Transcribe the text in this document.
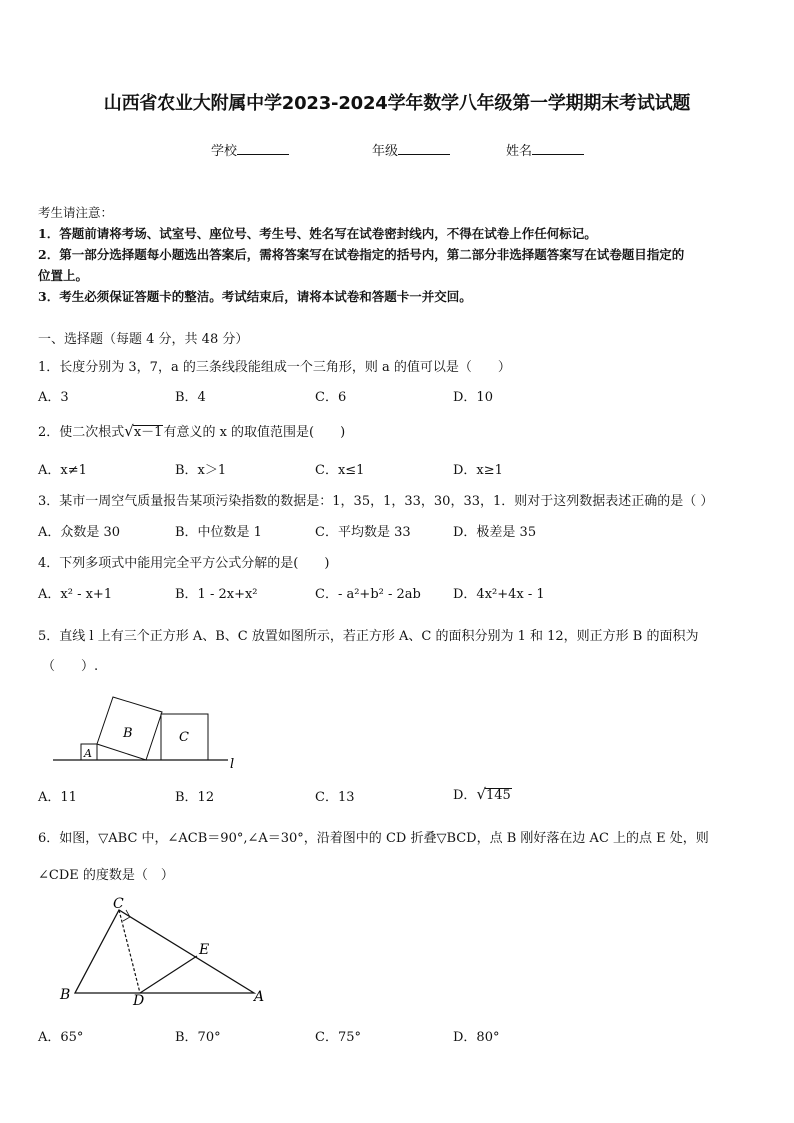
山西省农业大附属中学2023-2024学年数学八年级第一学期期末考试试题
学校	年级	姓名
考生请注意：
1．答题前请将考场、试室号、座位号、考生号、姓名写在试卷密封线内，不得在试卷上作任何标记。
2．第一部分选择题每小题选出答案后，需将答案写在试卷指定的括号内，第二部分非选择题答案写在试卷题目指定的
位置上。
3．考生必须保证答题卡的整洁。考试结束后，请将本试卷和答题卡一并交回。
一、选择题（每题 4 分，共 48 分）
1．长度分别为 3，7，a 的三条线段能组成一个三角形，则 a 的值可以是（　　）
A．3	B．4	C．6	D．10
2．使二次根式√x－1有意义的 x 的取值范围是(　　)
A．x≠1	B．x＞1	C．x≤1	D．x≥1
3．某市一周空气质量报告某项污染指数的数据是：1，35，1，33，30，33，1．则对于这列数据表述正确的是（ ）
A．众数是 30	B．中位数是 1	C．平均数是 33	D．极差是 35
4．下列多项式中能用完全平方公式分解的是(　　)
A．x² - x+1	B．1 - 2x+x²	C．- a²+b² - 2ab D．4x²+4x - 1
5．直线 l 上有三个正方形 A、B、C 放置如图所示，若正方形 A、C 的面积分别为 1 和 12，则正方形 B 的面积为
（　　）.
A
B	C
l
A．11	B．12	C．13	D．√145
6．如图，▽ABC 中，∠ACB＝90°,∠A＝30°，沿着图中的 CD 折叠▽BCD，点 B 刚好落在边 AC 上的点 E 处，则
∠CDE 的度数是（　）
C
E
B	D	A
A．65°	B．70°	C．75°	D．80°
